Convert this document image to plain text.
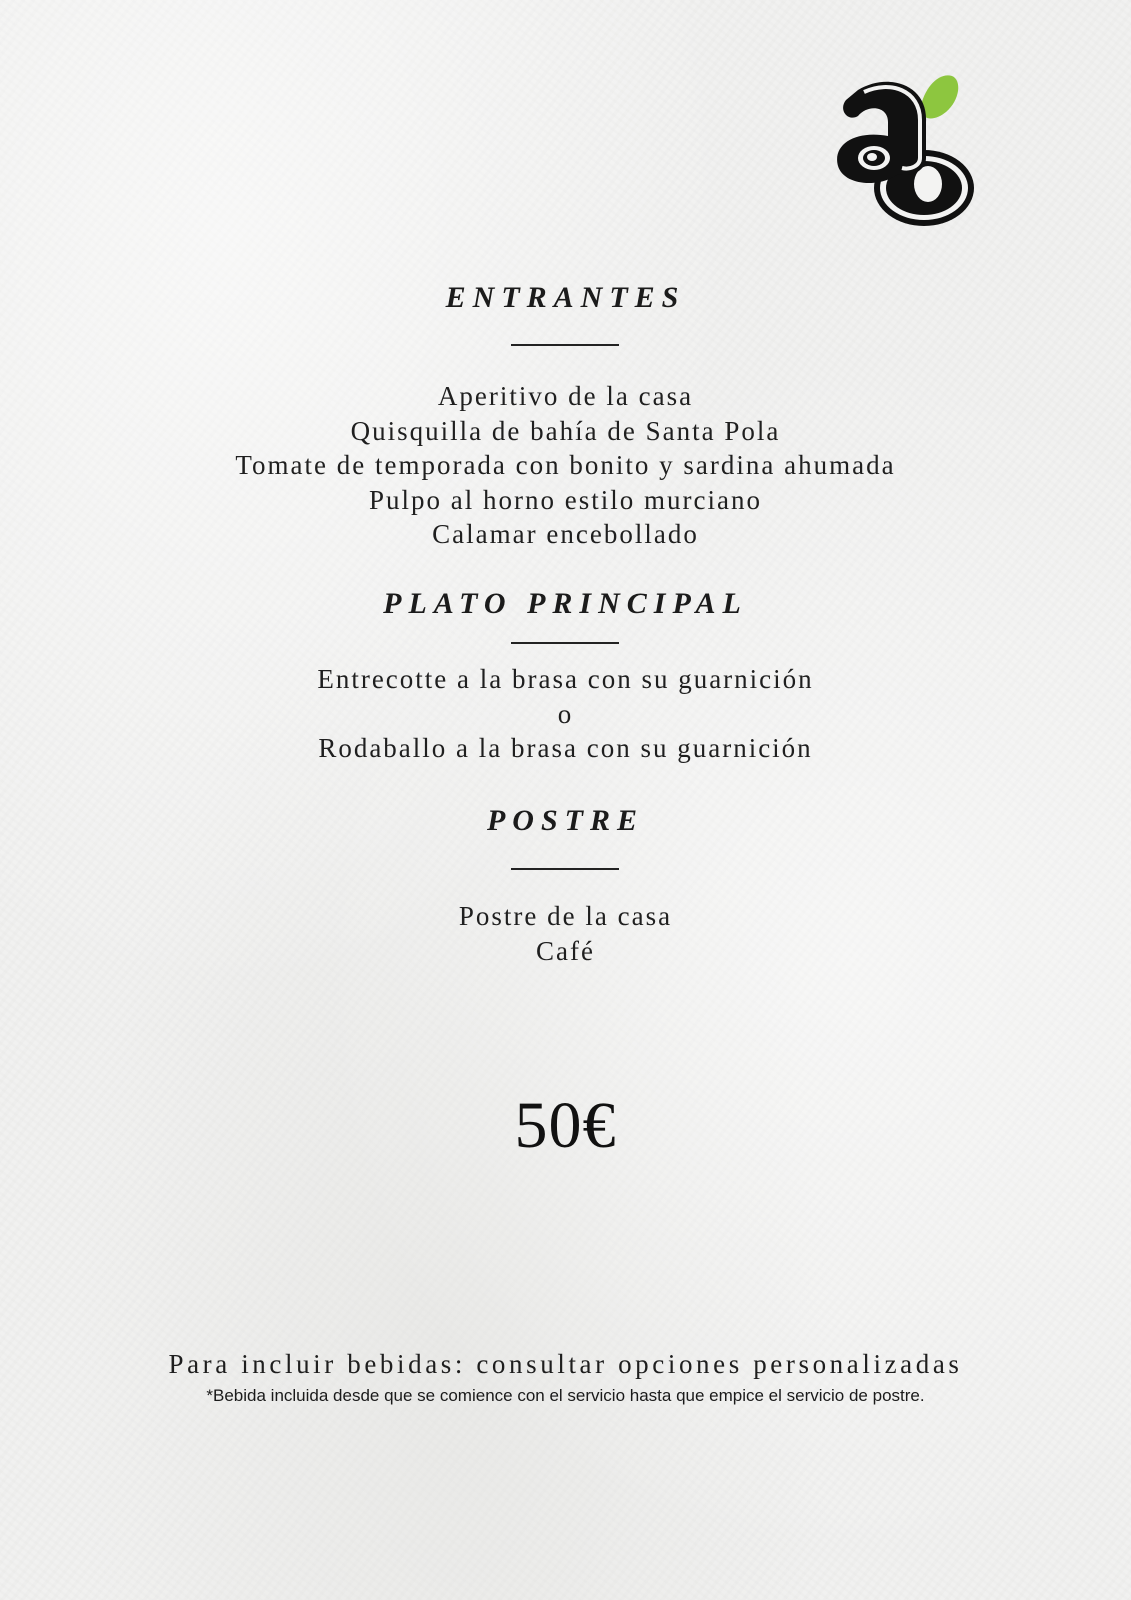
ENTRANTES
Aperitivo de la casa
Quisquilla de bahía de Santa Pola
Tomate de temporada con bonito y sardina ahumada
Pulpo al horno estilo murciano
Calamar encebollado
PLATO PRINCIPAL
Entrecotte a la brasa con su guarnición
o
Rodaballo a la brasa con su guarnición
POSTRE
Postre de la casa
Café
50€
Para incluir bebidas: consultar opciones personalizadas
*Bebida incluida desde que se comience con el servicio hasta que empice el servicio de postre.
